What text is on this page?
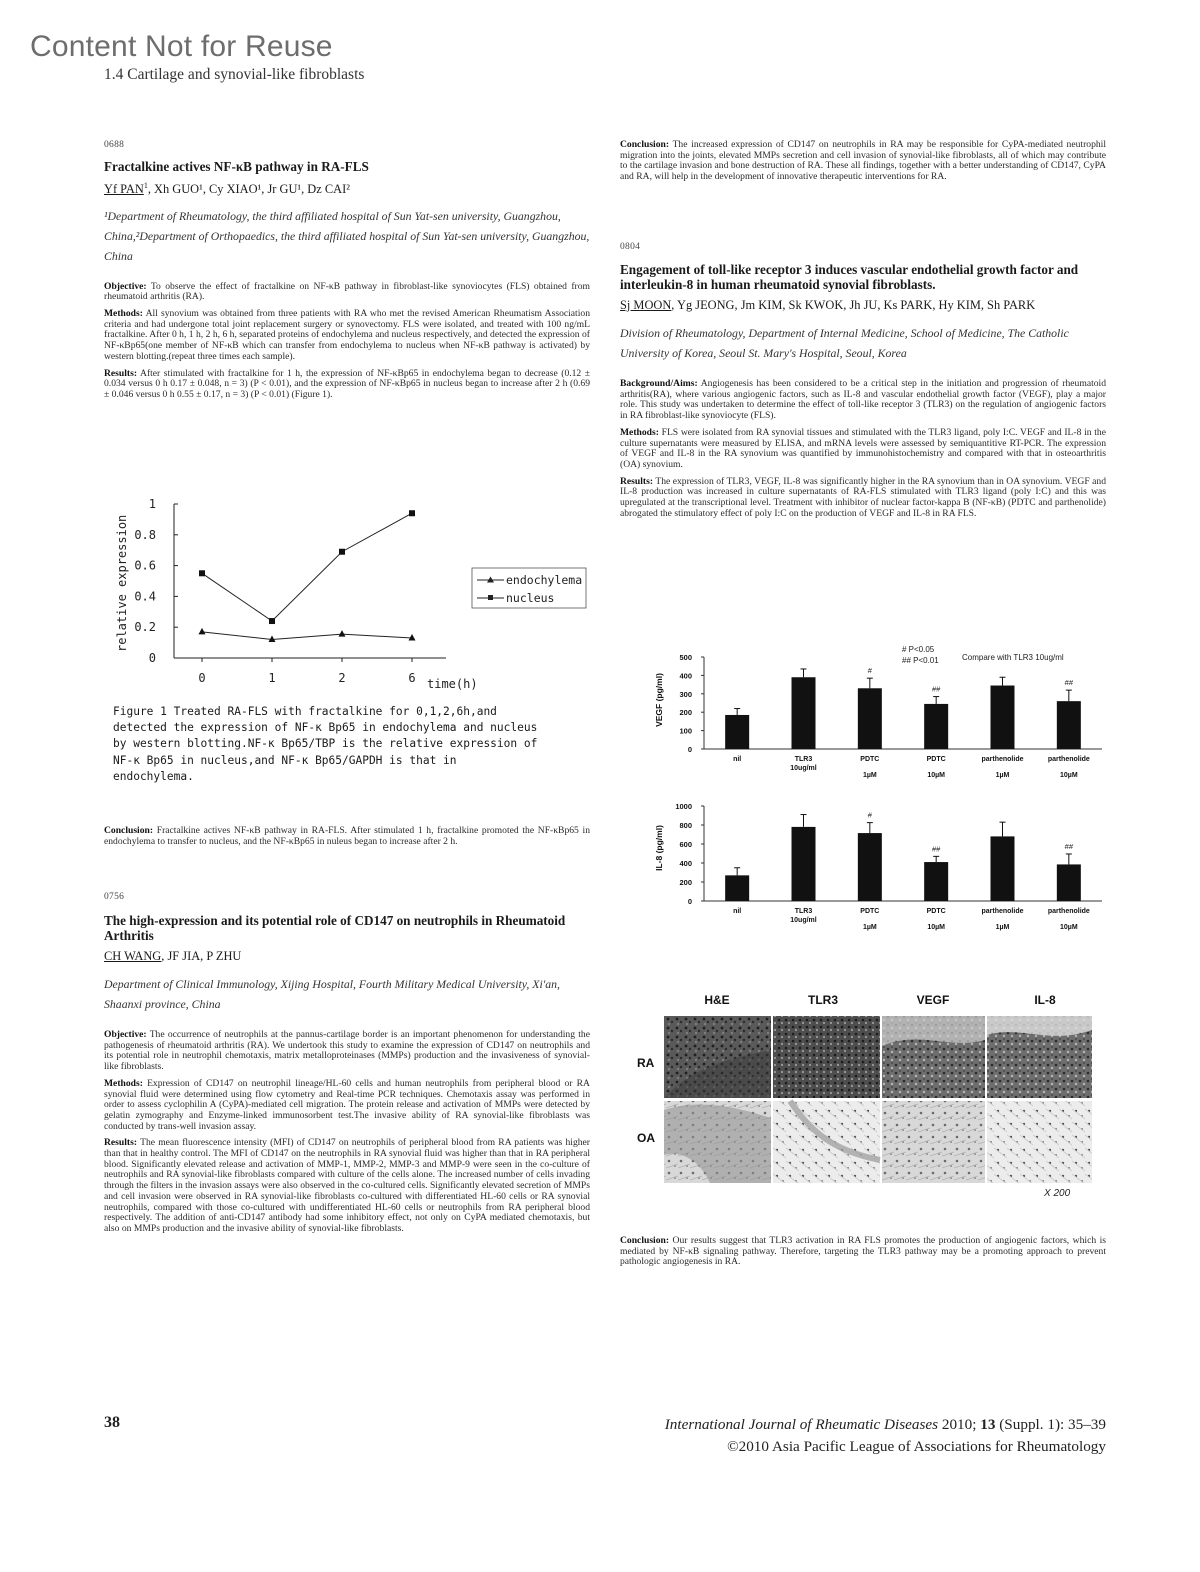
Content Not for Reuse
1.4 Cartilage and synovial-like fibroblasts
0688
Fractalkine actives NF-κB pathway in RA-FLS
Yf PAN$^1$, Xh GUO¹, Cy XIAO¹, Jr GU¹, Dz CAI²
¹Department of Rheumatology, the third affiliated hospital of Sun Yat-sen university, Guangzhou, China,²Department of Orthopaedics, the third affiliated hospital of Sun Yat-sen university, Guangzhou, China

Objective: To observe the effect of fractalkine on NF-κB pathway in fibroblast-like synoviocytes (FLS) obtained from rheumatoid arthritis (RA).

Methods: All synovium was obtained from three patients with RA who met the revised American Rheumatism Association criteria and had undergone total joint replacement surgery or synovectomy. FLS were isolated, and treated with 100 ng/mL fractalkine. After 0 h, 1 h, 2 h, 6 h, separated proteins of endochylema and nucleus respectively, and detected the expression of NF-κBp65(one member of NF-κB which can transfer from endochylema to nucleus when NF-κB pathway is activated) by western blotting.(repeat three times each sample).

Results: After stimulated with fractalkine for 1 h, the expression of NF-κBp65 in endochylema began to decrease (0.12 ± 0.034 versus 0 h 0.17 ± 0.048, n = 3) (P < 0.01), and the expression of NF-κBp65 in nucleus began to increase after 2 h (0.69 ± 0.046 versus 0 h 0.55 ± 0.17, n = 3) (P < 0.01) (Figure 1).

relative expression
0
0.2
0.4
0.6
0.8
1
0	1	2	6
endochylema
nucleus
time(h)
Figure 1 Treated RA-FLS with fractalkine for 0,1,2,6h,and
detected the expression of NF-κ Bp65 in endochylema and nucleus
by western blotting.NF-κ Bp65/TBP is the relative expression of
NF-κ Bp65 in nucleus,and NF-κ Bp65/GAPDH is that in
endochylema.

Conclusion: Fractalkine actives NF-κB pathway in RA-FLS. After stimulated 1 h, fractalkine promoted the NF-κBp65 in endochylema to transfer to nucleus, and the NF-κBp65 in nuleus began to increase after 2 h.

0756
The high-expression and its potential role of CD147 on neutrophils in Rheumatoid Arthritis
CH WANG, JF JIA, P ZHU
Department of Clinical Immunology, Xijing Hospital, Fourth Military Medical University, Xi'an, Shaanxi province, China

Objective: The occurrence of neutrophils at the pannus-cartilage border is an important phenomenon for understanding the pathogenesis of rheumatoid arthritis (RA). We undertook this study to examine the expression of CD147 on neutrophils and its potential role in neutrophil chemotaxis, matrix metalloproteinases (MMPs) production and the invasiveness of synovial-like fibroblasts.

Methods: Expression of CD147 on neutrophil lineage/HL-60 cells and human neutrophils from peripheral blood or RA synovial fluid were determined using flow cytometry and Real-time PCR techniques. Chemotaxis assay was performed in order to assess cyclophilin A (CyPA)-mediated cell migration. The protein release and activation of MMPs were detected by gelatin zymography and Enzyme-linked immunosorbent test.The invasive ability of RA synovial-like fibroblasts was conducted by trans-well invasion assay.

Results: The mean fluorescence intensity (MFI) of CD147 on neutrophils of peripheral blood from RA patients was higher than that in healthy control. The MFI of CD147 on the neutrophils in RA synovial fluid was higher than that in RA peripheral blood. Significantly elevated release and activation of MMP-1, MMP-2, MMP-3 and MMP-9 were seen in the co-culture of neutrophils and RA synovial-like fibroblasts compared with culture of the cells alone. The increased number of cells invading through the filters in the invasion assays were also observed in the co-cultured cells. Significantly elevated secretion of MMPs and cell invasion were observed in RA synovial-like fibroblasts co-cultured with differentiated HL-60 cells or RA synovial neutrophils, compared with those co-cultured with undifferentiated HL-60 cells or neutrophils from RA peripheral blood respectively. The addition of anti-CD147 antibody had some inhibitory effect, not only on CyPA mediated chemotaxis, but also on MMPs production and the invasive ability of synovial-like fibroblasts.

Conclusion: The increased expression of CD147 on neutrophils in RA may be responsible for CyPA-mediated neutrophil migration into the joints, elevated MMPs secretion and cell invasion of synovial-like fibroblasts, all of which may contribute to the cartilage invasion and bone destruction of RA. These all findings, together with a better understanding of CD147, CyPA and RA, will help in the development of innovative therapeutic interventions for RA.

0804
Engagement of toll-like receptor 3 induces vascular endothelial growth factor and interleukin-8 in human rheumatoid synovial fibroblasts.
Sj MOON, Yg JEONG, Jm KIM, Sk KWOK, Jh JU, Ks PARK, Hy KIM, Sh PARK
Division of Rheumatology, Department of Internal Medicine, School of Medicine, The Catholic University of Korea, Seoul St. Mary's Hospital, Seoul, Korea

Background/Aims: Angiogenesis has been considered to be a critical step in the initiation and progression of rheumatoid arthritis(RA), where various angiogenic factors, such as IL-8 and vascular endothelial growth factor (VEGF), play a major role. This study was undertaken to determine the effect of toll-like receptor 3 (TLR3) on the regulation of angiogenic factors in RA fibroblast-like synoviocyte (FLS).

Methods: FLS were isolated from RA synovial tissues and stimulated with the TLR3 ligand, poly I:C. VEGF and IL-8 in the culture supernatants were measured by ELISA, and mRNA levels were assessed by semiquantitive RT-PCR. The expression of VEGF and IL-8 in the RA synovium was quantified by immunohistochemistry and compared with that in osteoarthritis (OA) synovium.

Results: The expression of TLR3, VEGF, IL-8 was significantly higher in the RA synovium than in OA synovium. VEGF and IL-8 production was increased in culture supernatants of RA-FLS stimulated with TLR3 ligand (poly I:C) and this was upregulated at the transcriptional level. Treatment with inhibitor of nuclear factor-kappa B (NF-κB) (PDTC and parthenolide) abrogated the stimulatory effect of poly I:C on the production of VEGF and IL-8 in RA FLS.

VEGF (pg/ml)
0
100
200
300
400
500
nil	TLR3
10ug/ml
#
PDTC
1µM
##
PDTC
10µM
parthenolide
1µM
##
parthenolide
10µM
# P<0.05
## P<0.01	Compare with TLR3 10ug/ml
IL-8 (pg/ml)
0
200
400
600
800
1000
nil	TLR3
10ug/ml
#
PDTC
1µM
##
PDTC
10µM
parthenolide
1µM
##
parthenolide
10µM
H&E	TLR3	VEGF	IL-8
RA
OA
X 200

Conclusion: Our results suggest that TLR3 activation in RA FLS promotes the production of angiogenic factors, which is mediated by NF-κB signaling pathway. Therefore, targeting the TLR3 pathway may be a promoting approach to prevent pathologic angiogenesis in RA.

38	International Journal of Rheumatic Diseases 2010; 13 (Suppl. 1): 35–39
©2010 Asia Pacific League of Associations for Rheumatology
